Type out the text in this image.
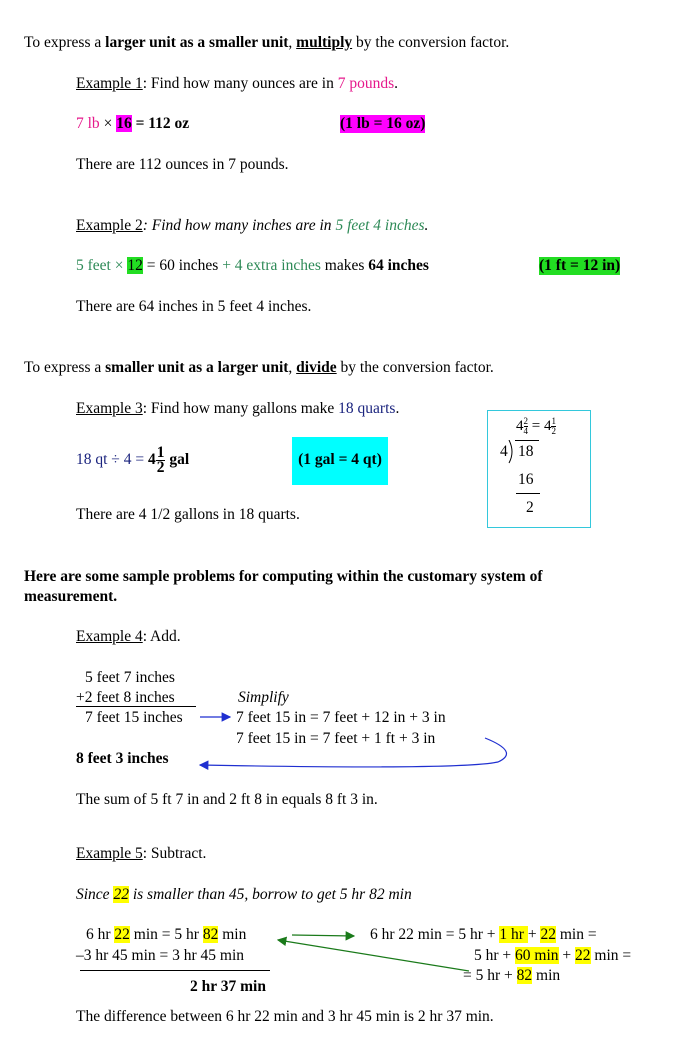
To express a larger unit as a smaller unit, multiply by the conversion factor.
Example 1: Find how many ounces are in 7 pounds.
7 lb × 16 = 112 oz	(1 lb = 16 oz)
There are 112 ounces in 7 pounds.
Example 2: Find how many inches are in 5 feet 4 inches.
5 feet × 12 = 60 inches + 4 extra inches makes 64 inches	(1 ft = 12 in)
There are 64 inches in 5 feet 4 inches.
To express a smaller unit as a larger unit, divide by the conversion factor.
Example 3: Find how many gallons make 18 quarts.
18 qt ÷ $4 = 4 \frac{1}{2}$ gal	(1 gal = 4 qt)
There are 4 1/2 gallons in 18 quarts.
$4 \frac{2}{4} = 4 \frac{1}{2}$
4 18
16
2
Here are some sample problems for computing within the customary system of measurement.
Example 4: Add.
5 feet 7 inches
+2 feet 8 inches
7 feet 15 inches
Simplify
7 feet 15 in = 7 feet + 12 in + 3 in
7 feet 15 in = 7 feet + 1 ft + 3 in
8 feet 3 inches
The sum of 5 ft 7 in and 2 ft 8 in equals 8 ft 3 in.
Example 5: Subtract.
Since 22 is smaller than 45, borrow to get 5 hr 82 min
6 hr 22 min = 5 hr 82 min
–3 hr 45 min = 3 hr 45 min
2 hr 37 min
6 hr 22 min = 5 hr + 1 hr + 22 min =
5 hr + 60 min + 22 min =
= 5 hr + 82 min
The difference between 6 hr 22 min and 3 hr 45 min is 2 hr 37 min.
